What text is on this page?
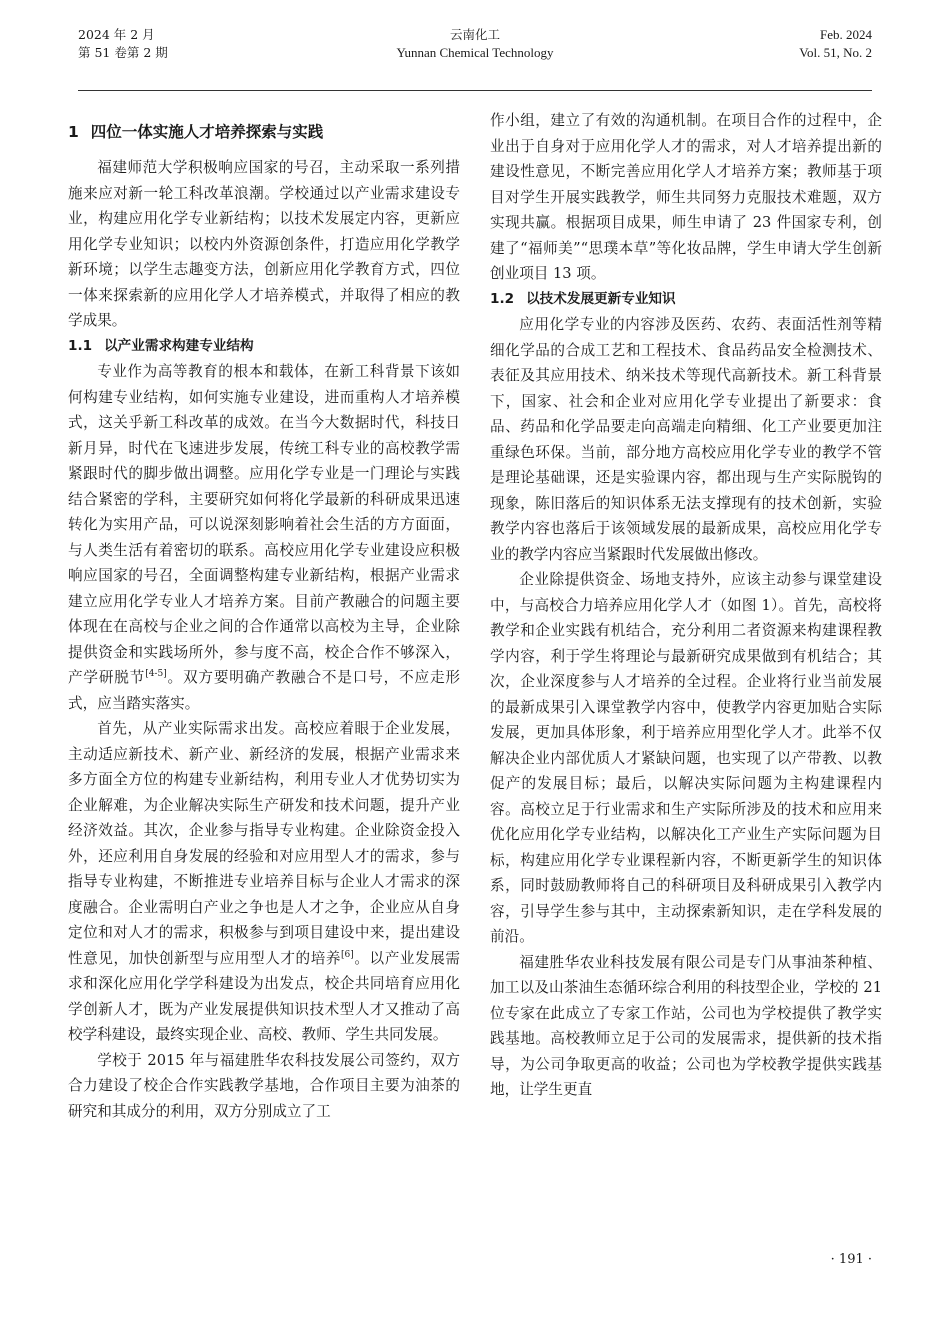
2024 年 2 月
第 51 卷第 2 期
云南化工
Yunnan Chemical Technology
Feb. 2024
Vol. 51, No. 2
1 四位一体实施人才培养探索与实践

福建师范大学积极响应国家的号召，主动采取一系列措施来应对新一轮工科改革浪潮。学校通过以产业需求建设专业，构建应用化学专业新结构；以技术发展定内容，更新应用化学专业知识；以校内外资源创条件，打造应用化学教学新环境；以学生志趣变方法，创新应用化学教育方式，四位一体来探索新的应用化学人才培养模式，并取得了相应的教学成果。

1.1 以产业需求构建专业结构

专业作为高等教育的根本和载体，在新工科背景下该如何构建专业结构，如何实施专业建设，进而重构人才培养模式，这关乎新工科改革的成效。在当今大数据时代，科技日新月异，时代在飞速进步发展，传统工科专业的高校教学需紧跟时代的脚步做出调整。应用化学专业是一门理论与实践结合紧密的学科，主要研究如何将化学最新的科研成果迅速转化为实用产品，可以说深刻影响着社会生活的方方面面，与人类生活有着密切的联系。高校应用化学专业建设应积极响应国家的号召，全面调整构建专业新结构，根据产业需求建立应用化学专业人才培养方案。目前产教融合的问题主要体现在在高校与企业之间的合作通常以高校为主导，企业除提供资金和实践场所外，参与度不高，校企合作不够深入，产学研脱节[4-5]。双方要明确产教融合不是口号，不应走形式，应当踏实落实。

首先，从产业实际需求出发。高校应着眼于企业发展，主动适应新技术、新产业、新经济的发展，根据产业需求来多方面全方位的构建专业新结构，利用专业人才优势切实为企业解难，为企业解决实际生产研发和技术问题，提升产业经济效益。其次，企业参与指导专业构建。企业除资金投入外，还应利用自身发展的经验和对应用型人才的需求，参与指导专业构建，不断推进专业培养目标与企业人才需求的深度融合。企业需明白产业之争也是人才之争，企业应从自身定位和对人才的需求，积极参与到项目建设中来，提出建设性意见，加快创新型与应用型人才的培养[6]。以产业发展需求和深化应用化学学科建设为出发点，校企共同培育应用化学创新人才，既为产业发展提供知识技术型人才又推动了高校学科建设，最终实现企业、高校、教师、学生共同发展。

学校于 2015 年与福建胜华农科技发展公司签约，双方合力建设了校企合作实践教学基地，合作项目主要为油茶的研究和其成分的利用，双方分别成立了工

作小组，建立了有效的沟通机制。在项目合作的过程中，企业出于自身对于应用化学人才的需求，对人才培养提出新的建设性意见，不断完善应用化学人才培养方案；教师基于项目对学生开展实践教学，师生共同努力克服技术难题，双方实现共赢。根据项目成果，师生申请了 23 件国家专利，创建了“福师美”“思璞本草”等化妆品牌，学生申请大学生创新创业项目 13 项。

1.2 以技术发展更新专业知识

应用化学专业的内容涉及医药、农药、表面活性剂等精细化学品的合成工艺和工程技术、食品药品安全检测技术、表征及其应用技术、纳米技术等现代高新技术。新工科背景下，国家、社会和企业对应用化学专业提出了新要求：食品、药品和化学品要走向高端走向精细、化工产业要更加注重绿色环保。当前，部分地方高校应用化学专业的教学不管是理论基础课，还是实验课内容，都出现与生产实际脱钩的现象，陈旧落后的知识体系无法支撑现有的技术创新，实验教学内容也落后于该领域发展的最新成果，高校应用化学专业的教学内容应当紧跟时代发展做出修改。

企业除提供资金、场地支持外，应该主动参与课堂建设中，与高校合力培养应用化学人才（如图 1）。首先，高校将教学和企业实践有机结合，充分利用二者资源来构建课程教学内容，利于学生将理论与最新研究成果做到有机结合；其次，企业深度参与人才培养的全过程。企业将行业当前发展的最新成果引入课堂教学内容中，使教学内容更加贴合实际发展，更加具体形象，利于培养应用型化学人才。此举不仅解决企业内部优质人才紧缺问题，也实现了以产带教、以教促产的发展目标；最后，以解决实际问题为主构建课程内容。高校立足于行业需求和生产实际所涉及的技术和应用来优化应用化学专业结构，以解决化工产业生产实际问题为目标，构建应用化学专业课程新内容，不断更新学生的知识体系，同时鼓励教师将自己的科研项目及科研成果引入教学内容，引导学生参与其中，主动探索新知识，走在学科发展的前沿。

福建胜华农业科技发展有限公司是专门从事油茶种植、加工以及山茶油生态循环综合利用的科技型企业，学校的 21 位专家在此成立了专家工作站，公司也为学校提供了教学实践基地。高校教师立足于公司的发展需求，提供新的技术指导，为公司争取更高的收益；公司也为学校教学提供实践基地，让学生更直

· 191 ·
